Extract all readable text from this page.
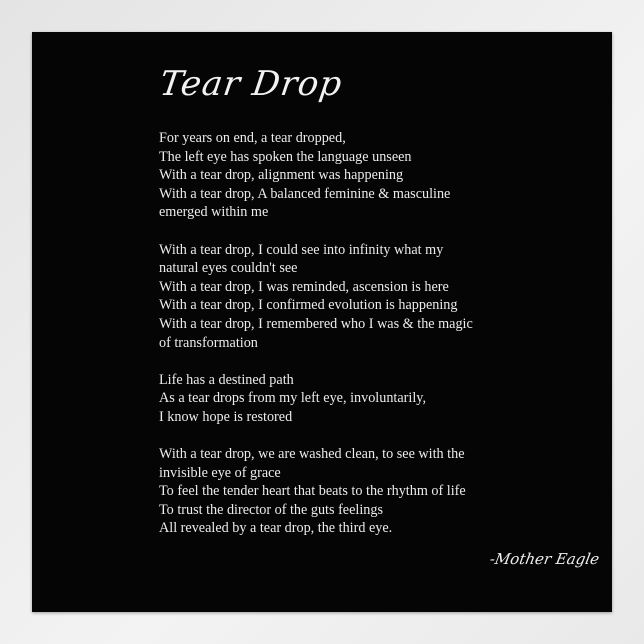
Tear Drop
For years on end, a tear dropped,
The left eye has spoken the language unseen
With a tear drop, alignment was happening
With a tear drop, A balanced feminine & masculine
emerged within me
With a tear drop, I could see into infinity what my
natural eyes couldn't see
With a tear drop, I was reminded, ascension is here
With a tear drop, I confirmed evolution is happening
With a tear drop, I remembered who I was & the magic
of transformation
Life has a destined path
As a tear drops from my left eye, involuntarily,
I know hope is restored
With a tear drop, we are washed clean, to see with the
invisible eye of grace
To feel the tender heart that beats to the rhythm of life
To trust the director of the guts feelings
All revealed by a tear drop, the third eye.
-Mother Eagle
